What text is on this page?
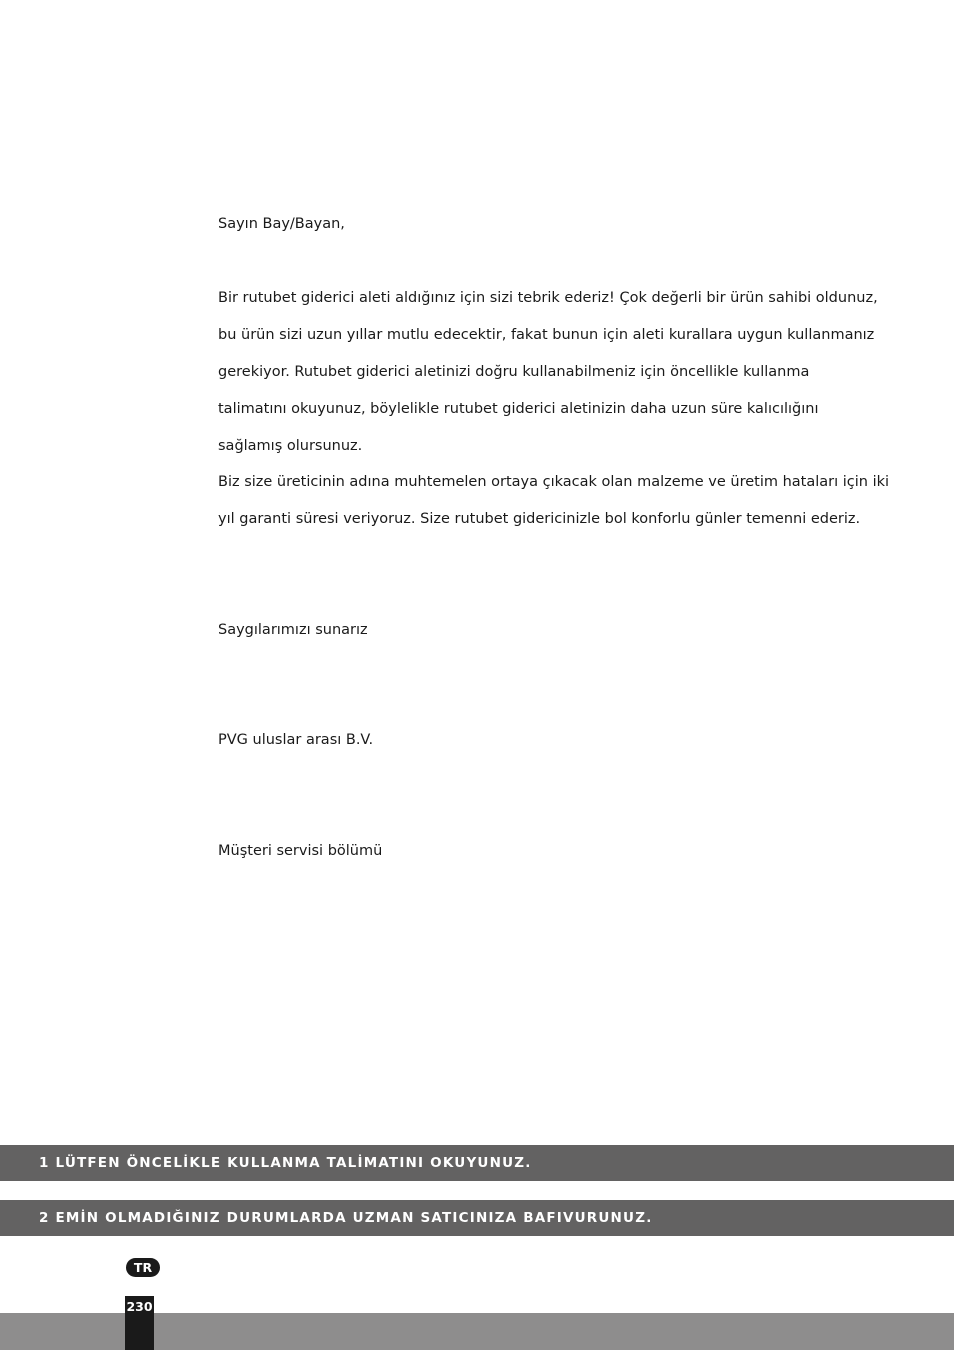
Sayın Bay/Bayan,
Bir rutubet giderici aleti aldığınız için sizi tebrik ederiz! Çok değerli bir ürün sahibi oldunuz,
bu ürün sizi uzun yıllar mutlu edecektir, fakat bunun için aleti kurallara uygun kullanmanız
gerekiyor. Rutubet giderici aletinizi doğru kullanabilmeniz için öncellikle kullanma
talimatını okuyunuz, böylelikle rutubet giderici aletinizin daha uzun süre kalıcılığını
sağlamış olursunuz.
Biz size üreticinin adına muhtemelen ortaya çıkacak olan malzeme ve üretim hataları için iki
yıl garanti süresi veriyoruz. Size rutubet gidericinizle bol konforlu günler temenni ederiz.
Saygılarımızı sunarız
PVG uluslar arası B.V.
Müşteri servisi bölümü
1 LÜTFEN ÖNCELİKLE KULLANMA TALİMATINI OKUYUNUZ.
2 EMİN OLMADIĞINIZ DURUMLARDA UZMAN SATICINIZA BAFIVURUNUZ.
TR
230
